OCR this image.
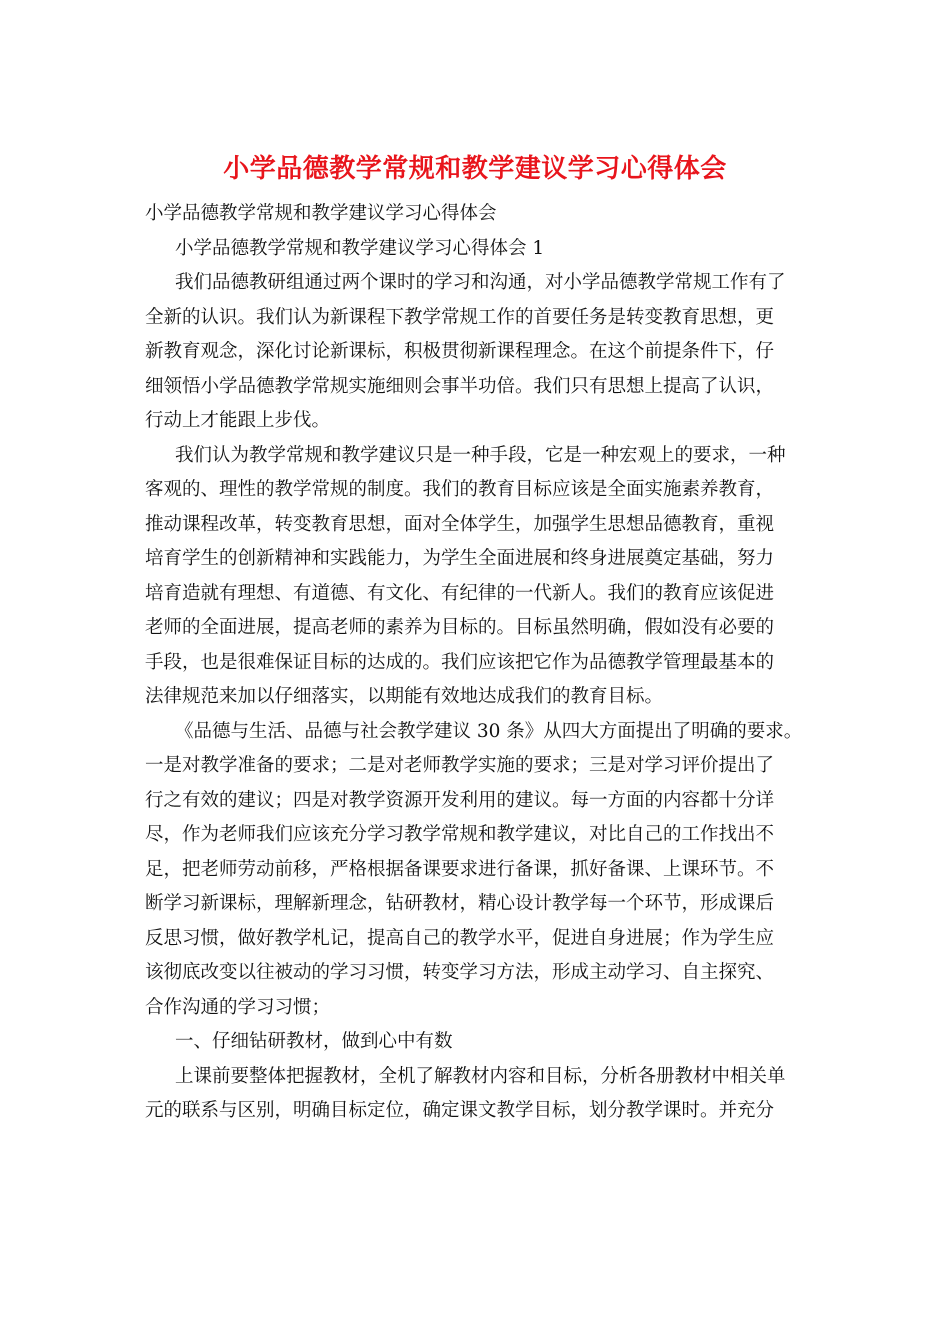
小学品德教学常规和教学建议学习心得体会
小学品德教学常规和教学建议学习心得体会
小学品德教学常规和教学建议学习心得体会 1
我们品德教研组通过两个课时的学习和沟通，对小学品德教学常规工作有了
全新的认识。我们认为新课程下教学常规工作的首要任务是转变教育思想，更
新教育观念，深化讨论新课标，积极贯彻新课程理念。在这个前提条件下，仔
细领悟小学品德教学常规实施细则会事半功倍。我们只有思想上提高了认识，
行动上才能跟上步伐。
我们认为教学常规和教学建议只是一种手段，它是一种宏观上的要求，一种
客观的、理性的教学常规的制度。我们的教育目标应该是全面实施素养教育，
推动课程改革，转变教育思想，面对全体学生，加强学生思想品德教育，重视
培育学生的创新精神和实践能力，为学生全面进展和终身进展奠定基础，努力
培育造就有理想、有道德、有文化、有纪律的一代新人。我们的教育应该促进
老师的全面进展，提高老师的素养为目标的。目标虽然明确，假如没有必要的
手段，也是很难保证目标的达成的。我们应该把它作为品德教学管理最基本的
法律规范来加以仔细落实，以期能有效地达成我们的教育目标。
《品德与生活、品德与社会教学建议 30 条》从四大方面提出了明确的要求。
一是对教学准备的要求；二是对老师教学实施的要求；三是对学习评价提出了
行之有效的建议；四是对教学资源开发利用的建议。每一方面的内容都十分详
尽，作为老师我们应该充分学习教学常规和教学建议，对比自己的工作找出不
足，把老师劳动前移，严格根据备课要求进行备课，抓好备课、上课环节。不
断学习新课标，理解新理念，钻研教材，精心设计教学每一个环节，形成课后
反思习惯，做好教学札记，提高自己的教学水平，促进自身进展；作为学生应
该彻底改变以往被动的学习习惯，转变学习方法，形成主动学习、自主探究、
合作沟通的学习习惯；
一、仔细钻研教材，做到心中有数
上课前要整体把握教材，全机了解教材内容和目标，分析各册教材中相关单
元的联系与区别，明确目标定位，确定课文教学目标，划分教学课时。并充分
